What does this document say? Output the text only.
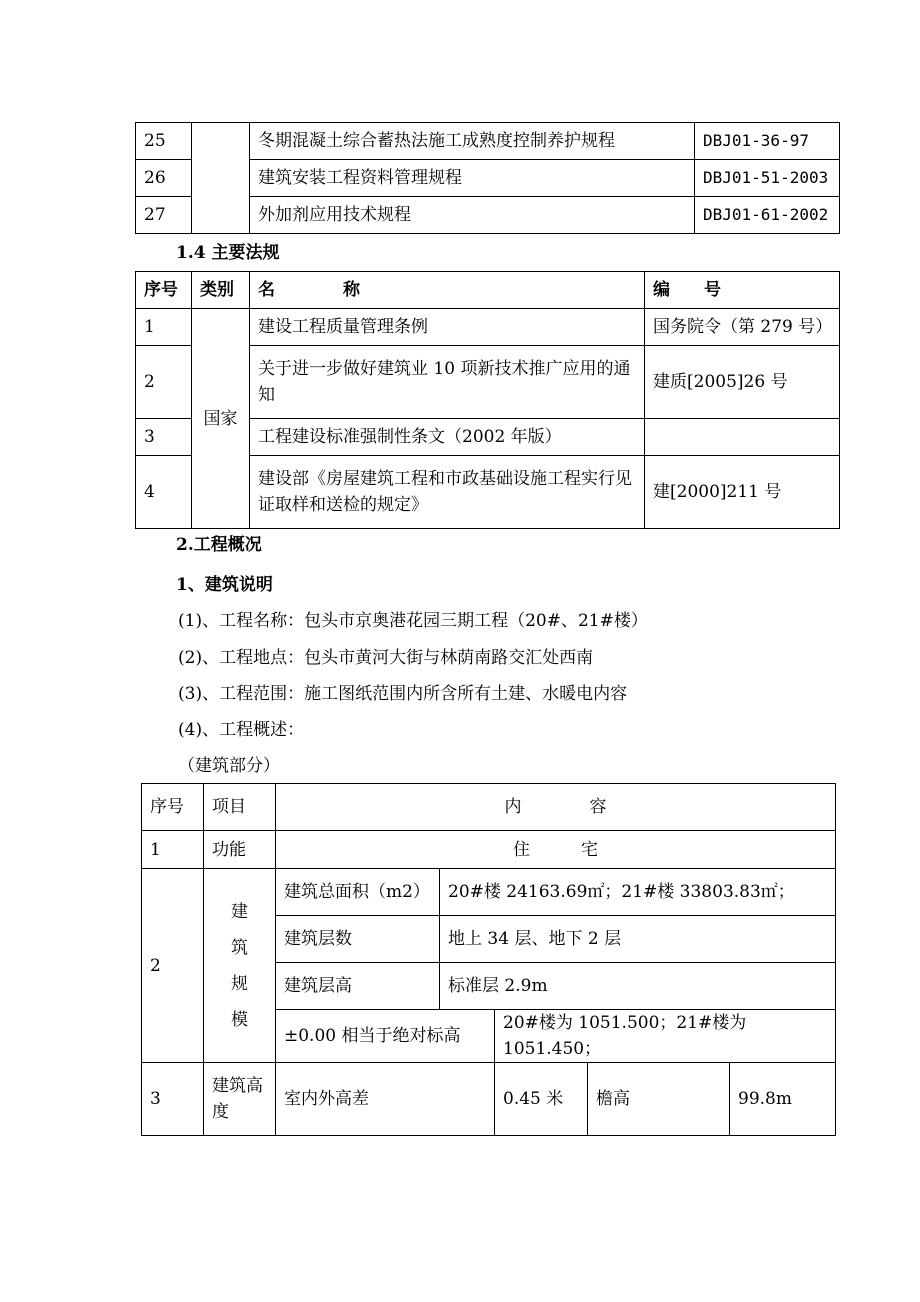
25		冬期混凝土综合蓄热法施工成熟度控制养护规程	DBJ01-36-97
26		建筑安装工程资料管理规程	DBJ01-51-2003
27		外加剂应用技术规程	DBJ01-61-2002
1.4 主要法规
序号	类别	名　　　　称	编　　号
1	国家	建设工程质量管理条例	国务院令（第 279 号）
2		关于进一步做好建筑业 10 项新技术推广应用的通知	建质[2005]26 号
3		工程建设标准强制性条文（2002 年版）	
4		建设部《房屋建筑工程和市政基础设施工程实行见证取样和送检的规定》	建[2000]211 号
2.工程概况
1、建筑说明
(1)、工程名称：包头市京奥港花园三期工程（20#、21#楼）
(2)、工程地点：包头市黄河大街与林荫南路交汇处西南
(3)、工程范围：施工图纸范围内所含所有土建、水暖电内容
(4)、工程概述：
（建筑部分）
序号	项目	内　　　　容				
1	功能	住　　　宅				
2	建
筑
规
模	建筑总面积（m2）	20#楼 24163.69㎡；21#楼 33803.83㎡；			
		建筑层数	地上 34 层、地下 2 层			
		建筑层高	标准层 2.9m			
		±0.00 相当于绝对标高		20#楼为 1051.500；21#楼为 1051.450；		
3	建筑高度	室内外高差		0.45 米	檐高	99.8m
